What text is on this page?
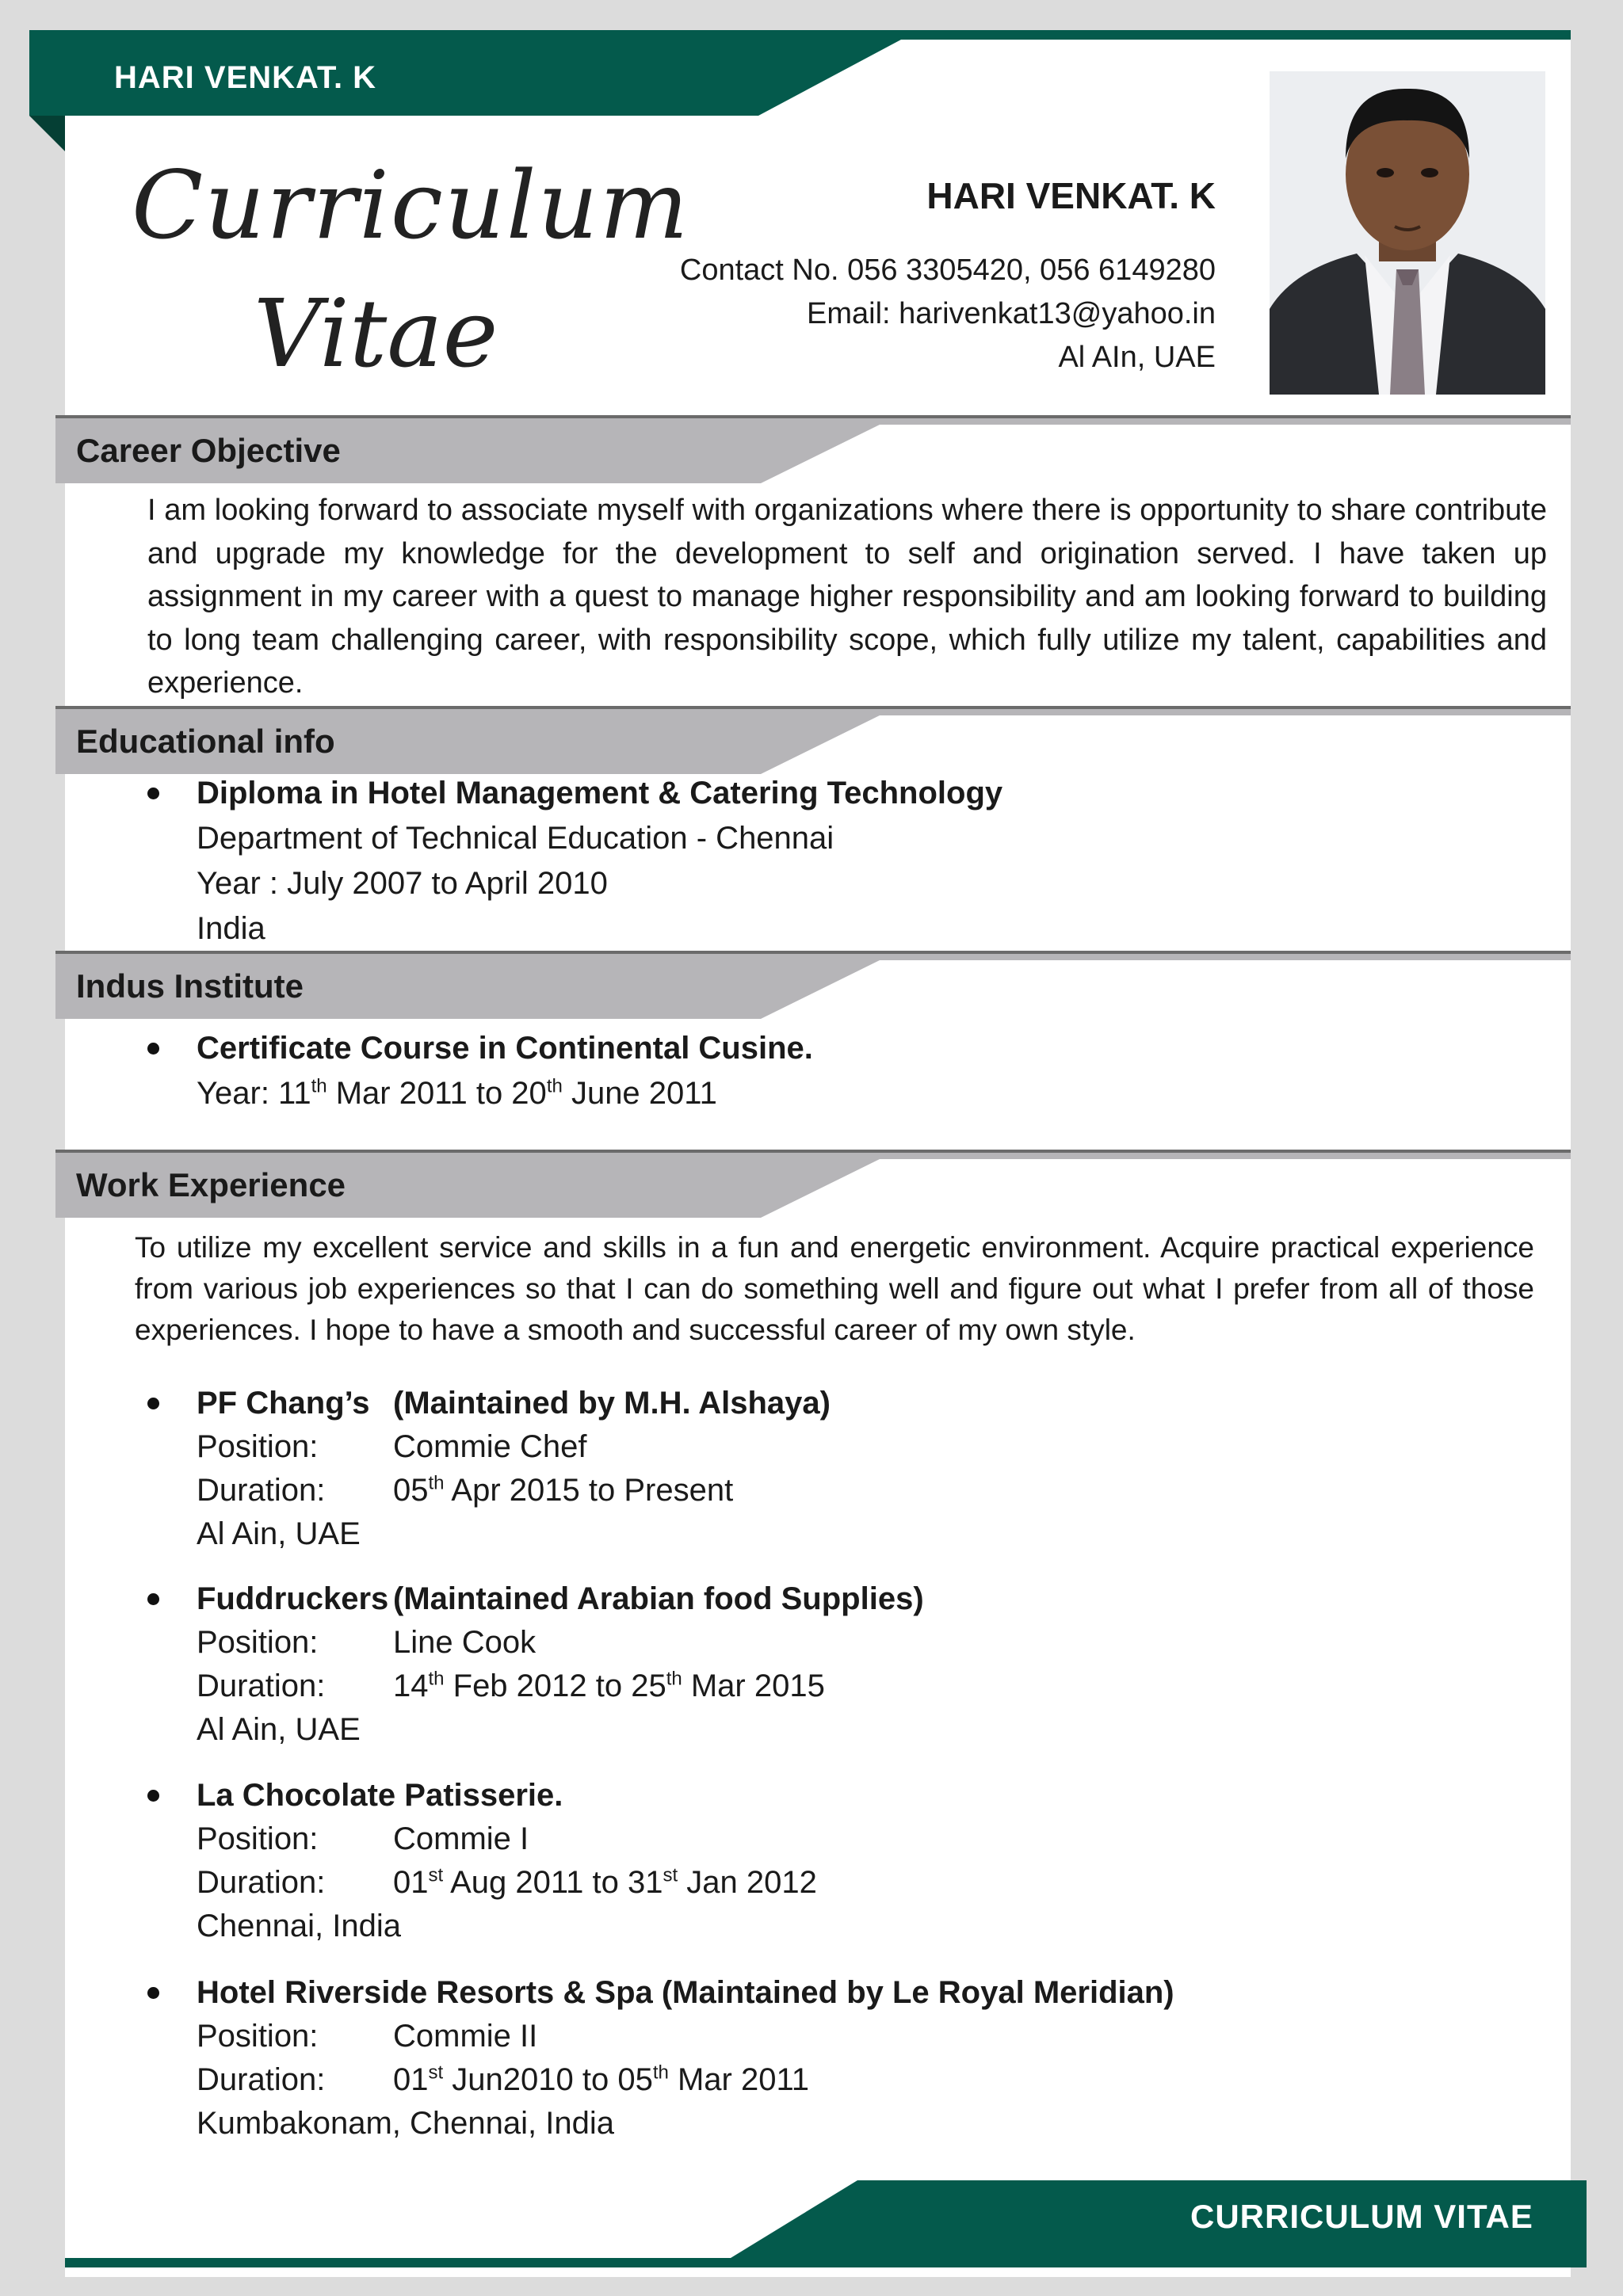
HARI VENKAT. K
Curriculum
Vitae
HARI VENKAT. K
Contact No. 056 3305420, 056 6149280
Email: harivenkat13@yahoo.in
Al AIn, UAE
Career Objective
I am looking forward to associate myself with organizations where there is opportunity to share contribute and upgrade my knowledge for the development to self and origination served. I have taken up assignment in my career with a quest to manage higher responsibility and am looking forward to building to long team challenging career, with responsibility scope, which fully utilize my talent, capabilities and experience.
Educational info
Diploma in Hotel Management & Catering Technology
Department of Technical Education - Chennai
Year : July 2007 to April 2010
India
Indus Institute
Certificate Course in Continental Cusine.
Year: 11th Mar 2011 to 20th June 2011
Work Experience
To utilize my excellent service and skills in a fun and energetic environment. Acquire practical experience from various job experiences so that I can do something well and figure out what I prefer from all of those experiences. I hope to have a smooth and successful career of my own style.
PF Chang’s (Maintained by M.H. Alshaya)
Position: Commie Chef
Duration: 05th Apr 2015 to Present
Al Ain, UAE
Fuddruckers (Maintained Arabian food Supplies)
Position: Line Cook
Duration: 14th Feb 2012 to 25th Mar 2015
Al Ain, UAE
La Chocolate Patisserie.
Position: Commie I
Duration: 01st Aug 2011 to 31st Jan 2012
Chennai, India
Hotel Riverside Resorts & Spa (Maintained by Le Royal Meridian)
Position: Commie II
Duration: 01st Jun2010 to 05th Mar 2011
Kumbakonam, Chennai, India
CURRICULUM VITAE
